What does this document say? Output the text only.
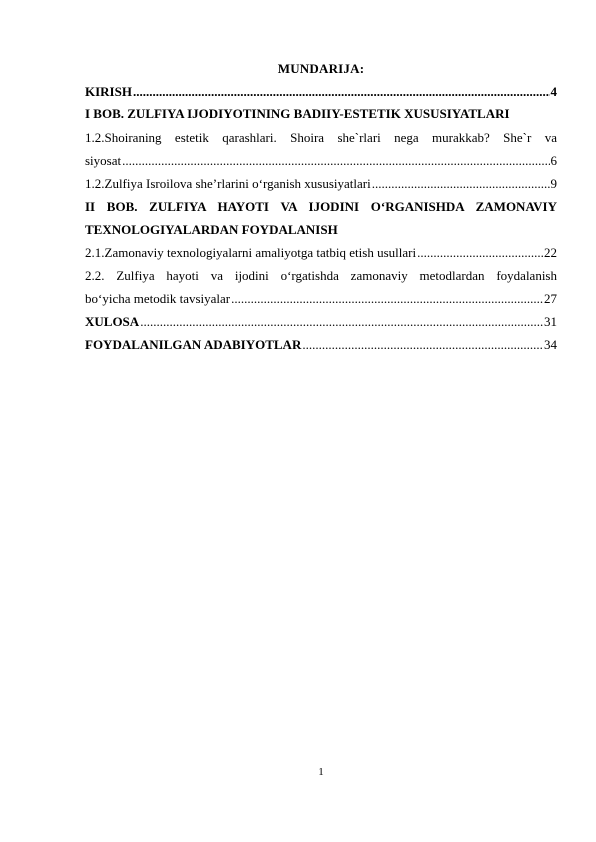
MUNDARIJA:
KIRISH .....	4
I BOB. ZULFIYA IJODIYOTINING BADIIY-ESTETIK XUSUSIYATLARI
1.2.Shoiraning estetik qarashlari. Shoira she`rlari nega murakkab? She`r va
siyosat .....	6
1.2.Zulfiya Isroilova she’rlarini o‘rganish xususiyatlari .....	9
II BOB. ZULFIYA HAYOTI VA IJODINI O‘RGANISHDA ZAMONAVIY
TEXNOLOGIYALARDAN FOYDALANISH
2.1.Zamonaviy texnologiyalarni amaliyotga tatbiq etish usullari .....	22
2.2. Zulfiya hayoti va ijodini o‘rgatishda zamonaviy metodlardan foydalanish
bo‘yicha metodik tavsiyalar .....	27
XULOSA .....	31
FOYDALANILGAN ADABIYOTLAR .....	34
1
